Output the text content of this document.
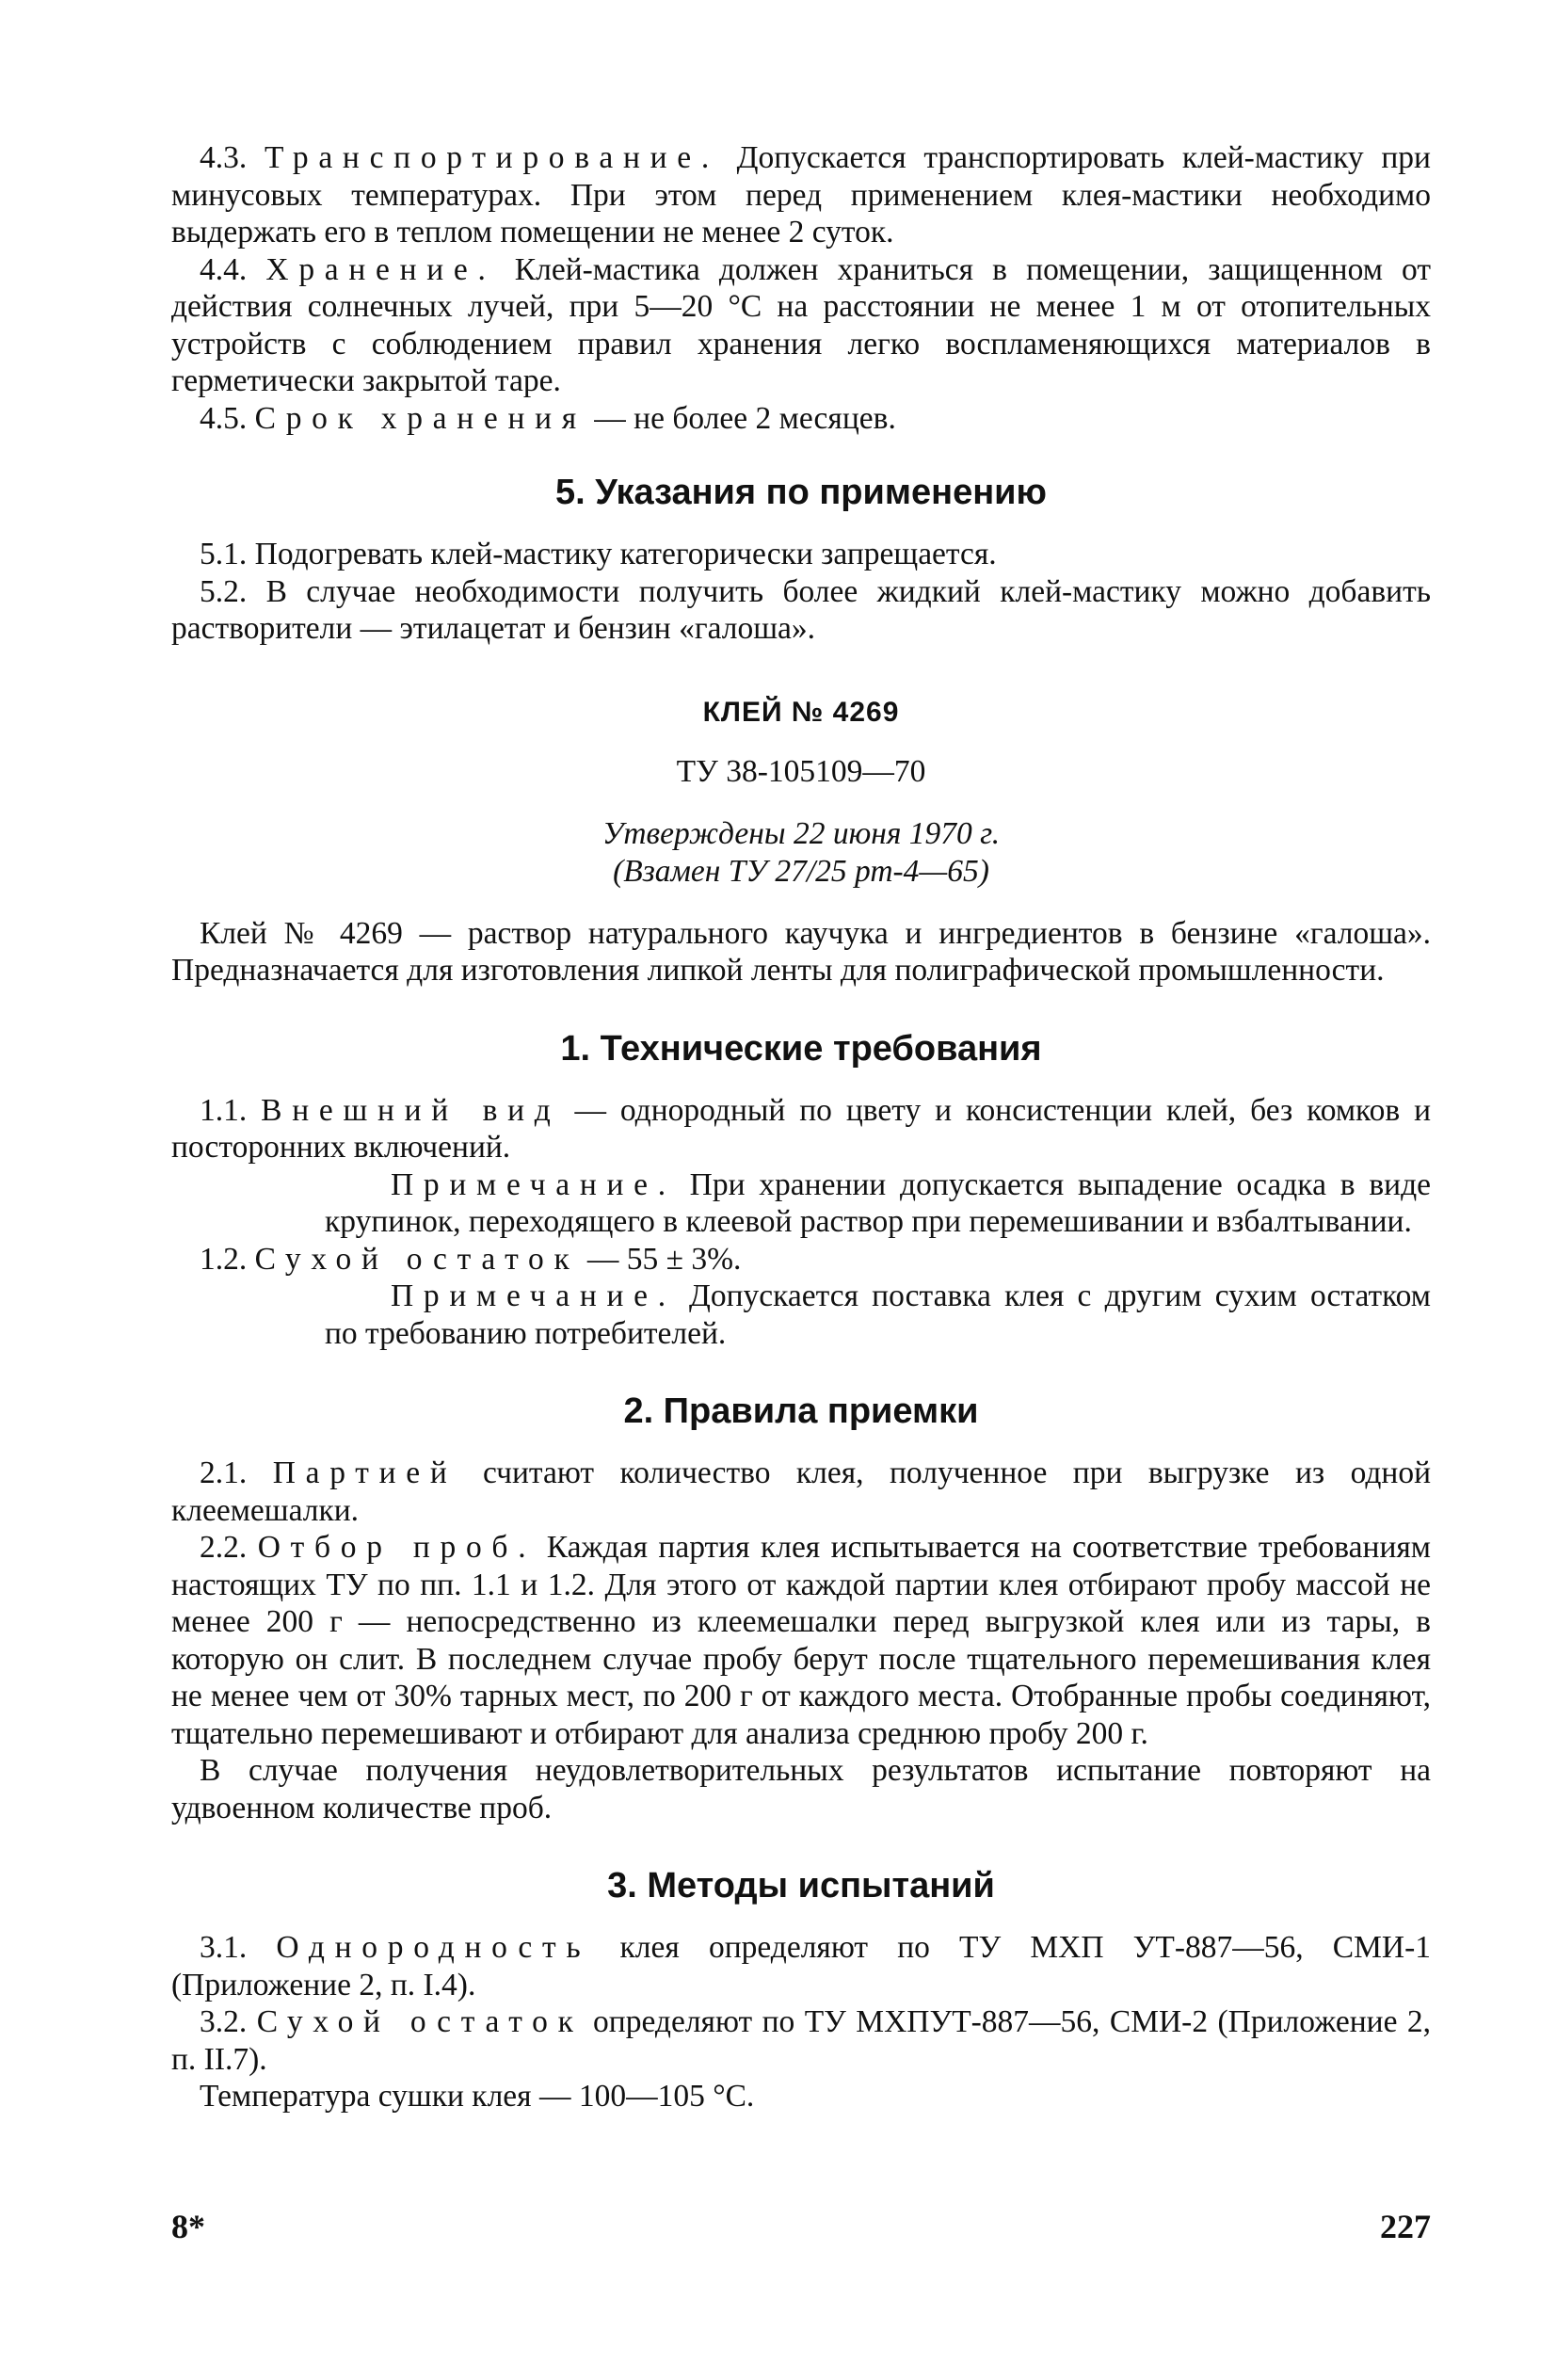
4.3. Транспортирование. Допускается транспортировать клей-мастику при минусовых температурах. При этом перед применением клея-мастики необходимо выдержать его в теплом помещении не менее 2 суток.

4.4. Хранение. Клей-мастика должен храниться в помещении, защищенном от действия солнечных лучей, при 5—20 °С на расстоянии не менее 1 м от отопительных устройств с соблюдением правил хранения легко воспламеняющихся материалов в герметически закрытой таре.

4.5. Срок хранения — не более 2 месяцев.

5. Указания по применению

5.1. Подогревать клей-мастику категорически запрещается.

5.2. В случае необходимости получить более жидкий клей-мастику можно добавить растворители — этилацетат и бензин «галоша».

КЛЕЙ № 4269

ТУ 38-105109—70

Утверждены 22 июня 1970 г.

(Взамен ТУ 27/25 рт-4—65)

Клей № 4269 — раствор натурального каучука и ингредиентов в бензине «галоша». Предназначается для изготовления липкой ленты для полиграфической промышленности.

1. Технические требования

1.1. Внешний вид — однородный по цвету и консистенции клей, без комков и посторонних включений.

Примечание. При хранении допускается выпадение осадка в виде крупинок, переходящего в клеевой раствор при перемешивании и взбалтывании.

1.2. Сухой остаток — 55 ± 3%.

Примечание. Допускается поставка клея с другим сухим остатком по требованию потребителей.

2. Правила приемки

2.1. Партией считают количество клея, полученное при выгрузке из одной клеемешалки.

2.2. Отбор проб. Каждая партия клея испытывается на соответствие требованиям настоящих ТУ по пп. 1.1 и 1.2. Для этого от каждой партии клея отбирают пробу массой не менее 200 г — непосредственно из клеемешалки перед выгрузкой клея или из тары, в которую он слит. В последнем случае пробу берут после тщательного перемешивания клея не менее чем от 30% тарных мест, по 200 г от каждого места. Отобранные пробы соединяют, тщательно перемешивают и отбирают для анализа среднюю пробу 200 г.

В случае получения неудовлетворительных результатов испытание повторяют на удвоенном количестве проб.

3. Методы испытаний

3.1. Однородность клея определяют по ТУ МХП УТ-887—56, СМИ-1 (Приложение 2, п. I.4).

3.2. Сухой остаток определяют по ТУ МХПУТ-887—56, СМИ-2 (Приложение 2, п. II.7).

Температура сушки клея — 100—105 °С.

8*	227
